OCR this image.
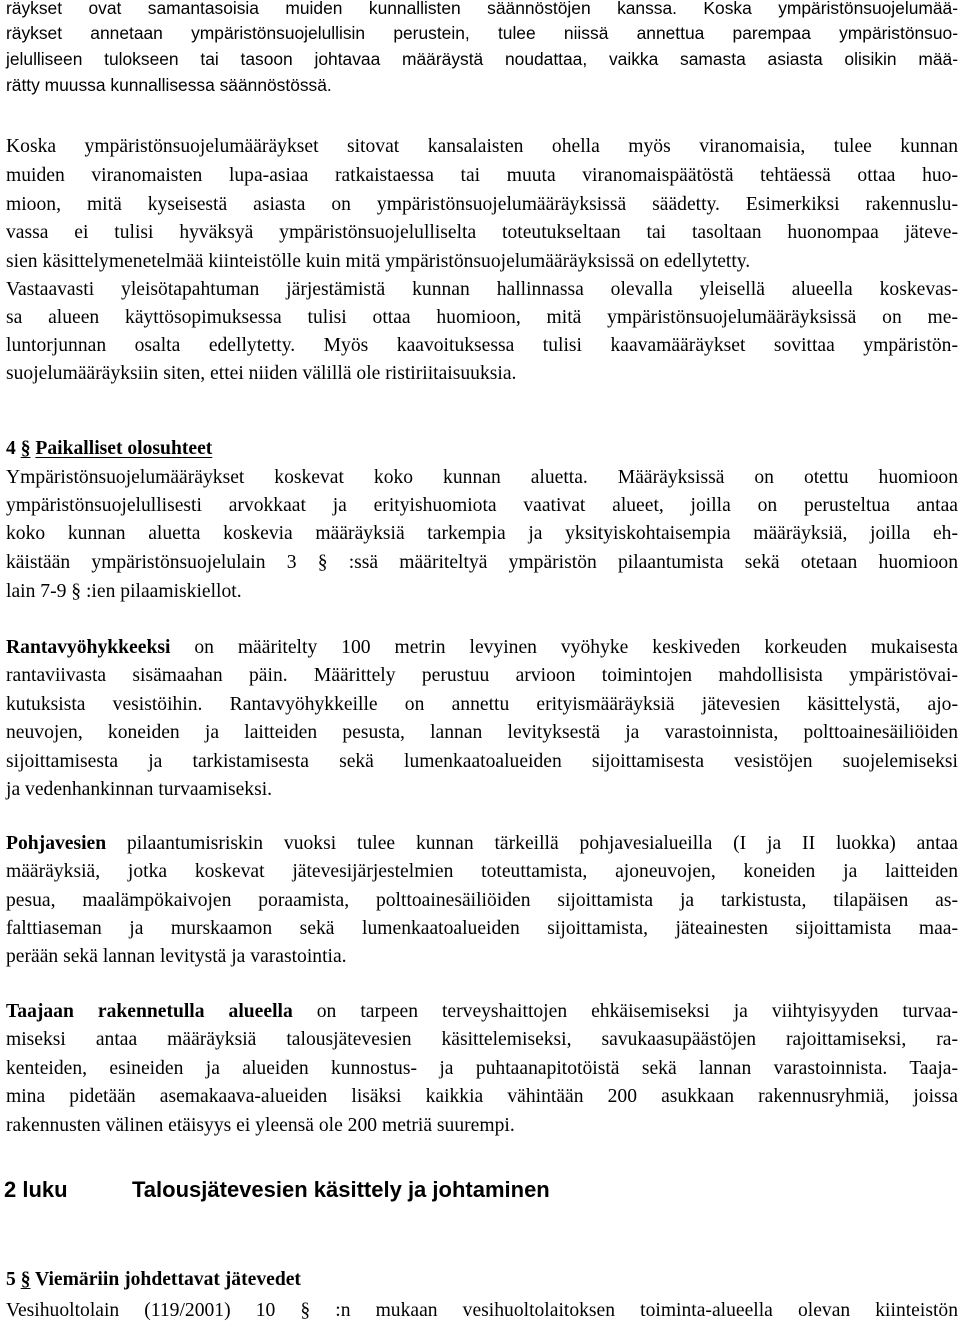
räykset ovat samantasoisia muiden kunnallisten säännöstöjen kanssa. Koska ympäristönsuojelumää-
räykset annetaan ympäristönsuojelullisin perustein, tulee niissä annettua parempaa ympäristönsuo-
jelulliseen tulokseen tai tasoon johtavaa määräystä noudattaa, vaikka samasta asiasta olisikin mää-
rätty muussa kunnallisessa säännöstössä.
Koska ympäristönsuojelumääräykset sitovat kansalaisten ohella myös viranomaisia, tulee kunnan
muiden viranomaisten lupa-asiaa ratkaistaessa tai muuta viranomaispäätöstä tehtäessä ottaa huo-
mioon, mitä kyseisestä asiasta on ympäristönsuojelumääräyksissä säädetty. Esimerkiksi rakennuslu-
vassa ei tulisi hyväksyä ympäristönsuojelulliselta toteutukseltaan tai tasoltaan huonompaa jäteve-
sien käsittelymenetelmää kiinteistölle kuin mitä ympäristönsuojelumääräyksissä on edellytetty.
Vastaavasti yleisötapahtuman järjestämistä kunnan hallinnassa olevalla yleisellä alueella koskevas-
sa alueen käyttösopimuksessa tulisi ottaa huomioon, mitä ympäristönsuojelumääräyksissä on me-
luntorjunnan osalta edellytetty. Myös kaavoituksessa tulisi kaavamääräykset sovittaa ympäristön-
suojelumääräyksiin siten, ettei niiden välillä ole ristiriitaisuuksia.
4 § Paikalliset olosuhteet
Ympäristönsuojelumääräykset koskevat koko kunnan aluetta. Määräyksissä on otettu huomioon
ympäristönsuojelullisesti arvokkaat ja erityishuomiota vaativat alueet, joilla on perusteltua antaa
koko kunnan aluetta koskevia määräyksiä tarkempia ja yksityiskohtaisempia määräyksiä, joilla eh-
käistään ympäristönsuojelulain 3 § :ssä määriteltyä ympäristön pilaantumista sekä otetaan huomioon
lain 7-9 § :ien pilaamiskiellot.
Rantavyöhykkeeksi on määritelty 100 metrin levyinen vyöhyke keskiveden korkeuden mukaisesta
rantaviivasta sisämaahan päin. Määrittely perustuu arvioon toimintojen mahdollisista ympäristövai-
kutuksista vesistöihin. Rantavyöhykkeille on annettu erityismääräyksiä jätevesien käsittelystä, ajo-
neuvojen, koneiden ja laitteiden pesusta, lannan levityksestä ja varastoinnista, polttoainesäiliöiden
sijoittamisesta ja tarkistamisesta sekä lumenkaatoalueiden sijoittamisesta vesistöjen suojelemiseksi
ja vedenhankinnan turvaamiseksi.
Pohjavesien pilaantumisriskin vuoksi tulee kunnan tärkeillä pohjavesialueilla (I ja II luokka) antaa
määräyksiä, jotka koskevat jätevesijärjestelmien toteuttamista, ajoneuvojen, koneiden ja laitteiden
pesua, maalämpökaivojen poraamista, polttoainesäiliöiden sijoittamista ja tarkistusta, tilapäisen as-
falttiaseman ja murskaamon sekä lumenkaatoalueiden sijoittamista, jäteainesten sijoittamista maa-
perään sekä lannan levitystä ja varastointia.
Taajaan rakennetulla alueella on tarpeen terveyshaittojen ehkäisemiseksi ja viihtyisyyden turvaa-
miseksi antaa määräyksiä talousjätevesien käsittelemiseksi, savukaasupäästöjen rajoittamiseksi, ra-
kenteiden, esineiden ja alueiden kunnostus- ja puhtaanapitotöistä sekä lannan varastoinnista. Taaja-
mina pidetään asemakaava-alueiden lisäksi kaikkia vähintään 200 asukkaan rakennusryhmiä, joissa
rakennusten välinen etäisyys ei yleensä ole 200 metriä suurempi.
2 luku	Talousjätevesien käsittely ja johtaminen
5 § Viemäriin johdettavat jätevedet
Vesihuoltolain (119/2001) 10 § :n mukaan vesihuoltolaitoksen toiminta-alueella olevan kiinteistön
